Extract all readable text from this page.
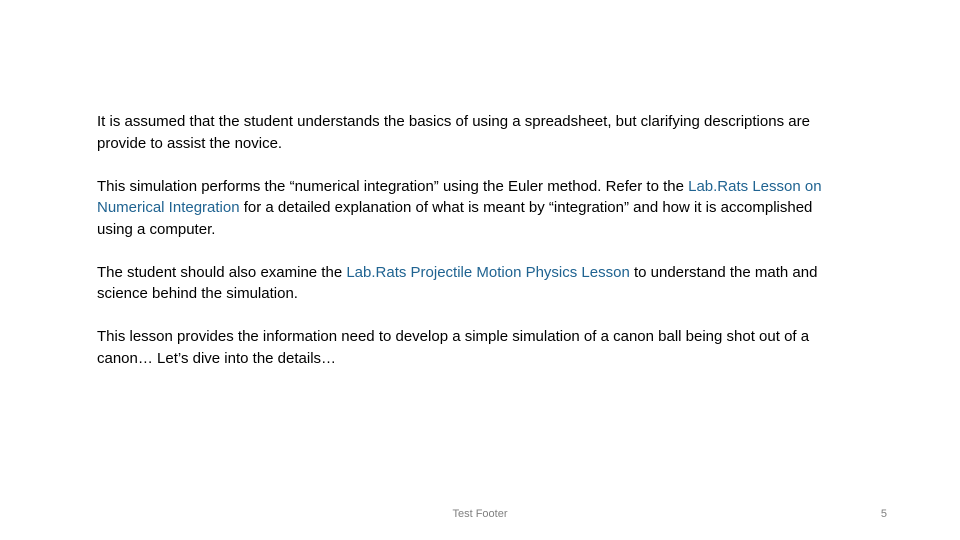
It is assumed that the student understands the basics of using a spreadsheet, but clarifying descriptions are provide to assist the novice.

This simulation performs the “numerical integration” using the Euler method. Refer to the Lab.Rats Lesson on Numerical Integration for a detailed explanation of what is meant by “integration” and how it is accomplished using a computer.

The student should also examine the Lab.Rats Projectile Motion Physics Lesson to understand the math and science behind the simulation.

This lesson provides the information need to develop a simple simulation of a canon ball being shot out of a canon… Let’s dive into the details…

Test Footer	5
